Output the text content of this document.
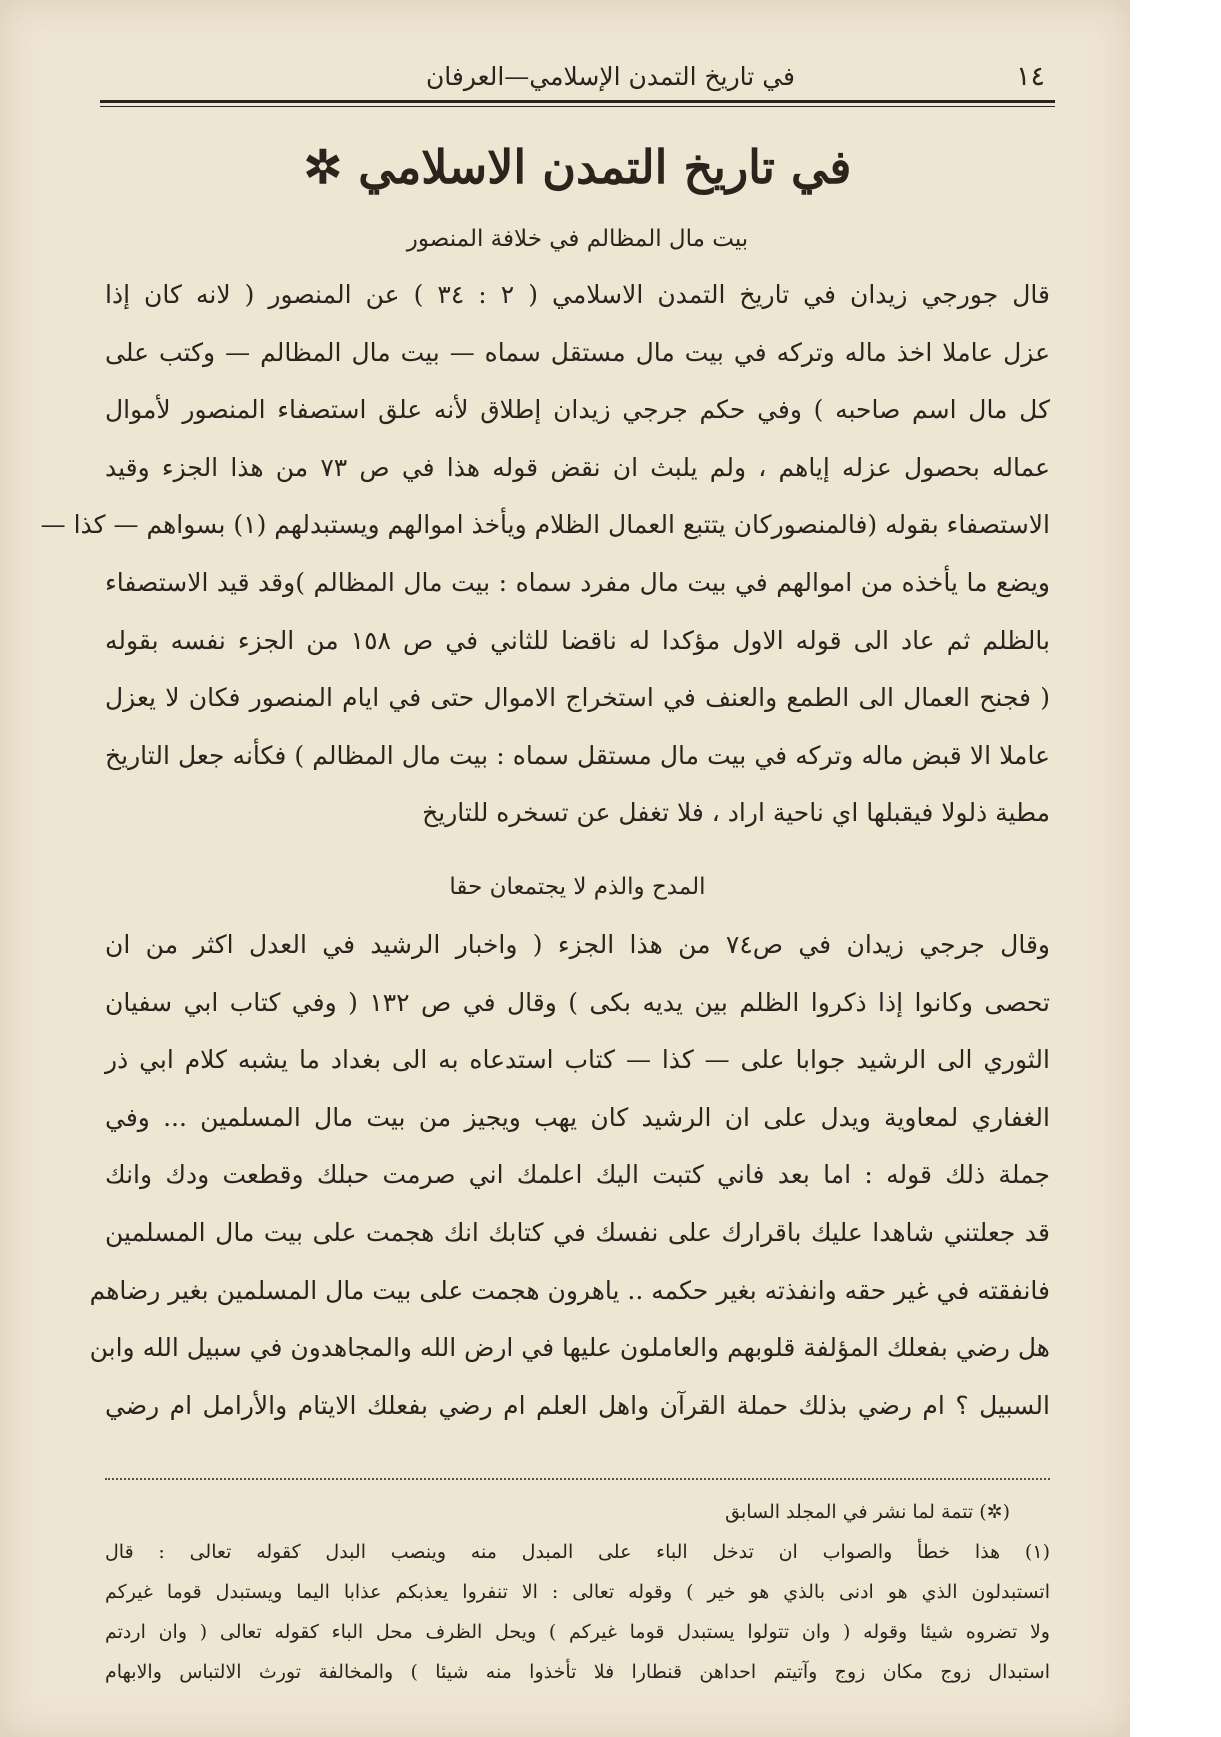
١٤
في تاريخ التمدن الإسلامي—العرفان
في تاريخ التمدن الاسلامي ✲
بيت مال المظالم في خلافة المنصور
قال جورجي زيدان في تاريخ التمدن الاسلامي ( ٢ : ٣٤ ) عن المنصور ( لانه كان إذا
عزل عاملا اخذ ماله وتركه في بيت مال مستقل سماه — بيت مال المظالم — وكتب على
كل مال اسم صاحبه ) وفي حكم جرجي زيدان إطلاق لأنه علق استصفاء المنصور لأموال
عماله بحصول عزله إياهم ، ولم يلبث ان نقض قوله هذا في ص ٧٣ من هذا الجزء وقيد
الاستصفاء بقوله (فالمنصوركان يتتبع العمال الظلام ويأخذ اموالهم ويستبدلهم (١) بسواهم — كذا —
ويضع ما يأخذه من اموالهم في بيت مال مفرد سماه : بيت مال المظالم )وقد قيد الاستصفاء
بالظلم ثم عاد الى قوله الاول مؤكدا له ناقضا للثاني في ص ١٥٨ من الجزء نفسه بقوله
( فجنح العمال الى الطمع والعنف في استخراج الاموال حتى في ايام المنصور فكان لا يعزل
عاملا الا قبض ماله وتركه في بيت مال مستقل سماه : بيت مال المظالم ) فكأنه جعل التاريخ
مطية ذلولا فيقبلها اي ناحية اراد ، فلا تغفل عن تسخره للتاريخ
المدح والذم لا يجتمعان حقا
وقال جرجي زيدان في ص٧٤ من هذا الجزء ( واخبار الرشيد في العدل اكثر من ان
تحصى وكانوا إذا ذكروا الظلم بين يديه بكى ) وقال في ص ١٣٢ ( وفي كتاب ابي سفيان
الثوري الى الرشيد جوابا على — كذا — كتاب استدعاه به الى بغداد ما يشبه كلام ابي ذر
الغفاري لمعاوية ويدل على ان الرشيد كان يهب ويجيز من بيت مال المسلمين ... وفي
جملة ذلك قوله : اما بعد فاني كتبت اليك اعلمك اني صرمت حبلك وقطعت ودك وانك
قد جعلتني شاهدا عليك باقرارك على نفسك في كتابك انك هجمت على بيت مال المسلمين
فانفقته في غير حقه وانفذته بغير حكمه .. ياهرون هجمت على بيت مال المسلمين بغير رضاهم
هل رضي بفعلك المؤلفة قلوبهم والعاملون عليها في ارض الله والمجاهدون في سبيل الله وابن
السبيل ؟ ام رضي بذلك حملة القرآن واهل العلم ام رضي بفعلك الايتام والأرامل ام رضي
(✲) تتمة لما نشر في المجلد السابق
(١) هذا خطأ والصواب ان تدخل الباء على المبدل منه وينصب البدل كقوله تعالى : قال
اتستبدلون الذي هو ادنى بالذي هو خير ) وقوله تعالى : الا تنفروا يعذبكم عذابا اليما ويستبدل قوما غيركم
ولا تضروه شيئا وقوله ( وان تتولوا يستبدل قوما غيركم ) ويحل الظرف محل الباء كقوله تعالى ( وان اردتم
استبدال زوج مكان زوج وآتيتم احداهن قنطارا فلا تأخذوا منه شيئا ) والمخالفة تورث الالتباس والابهام
